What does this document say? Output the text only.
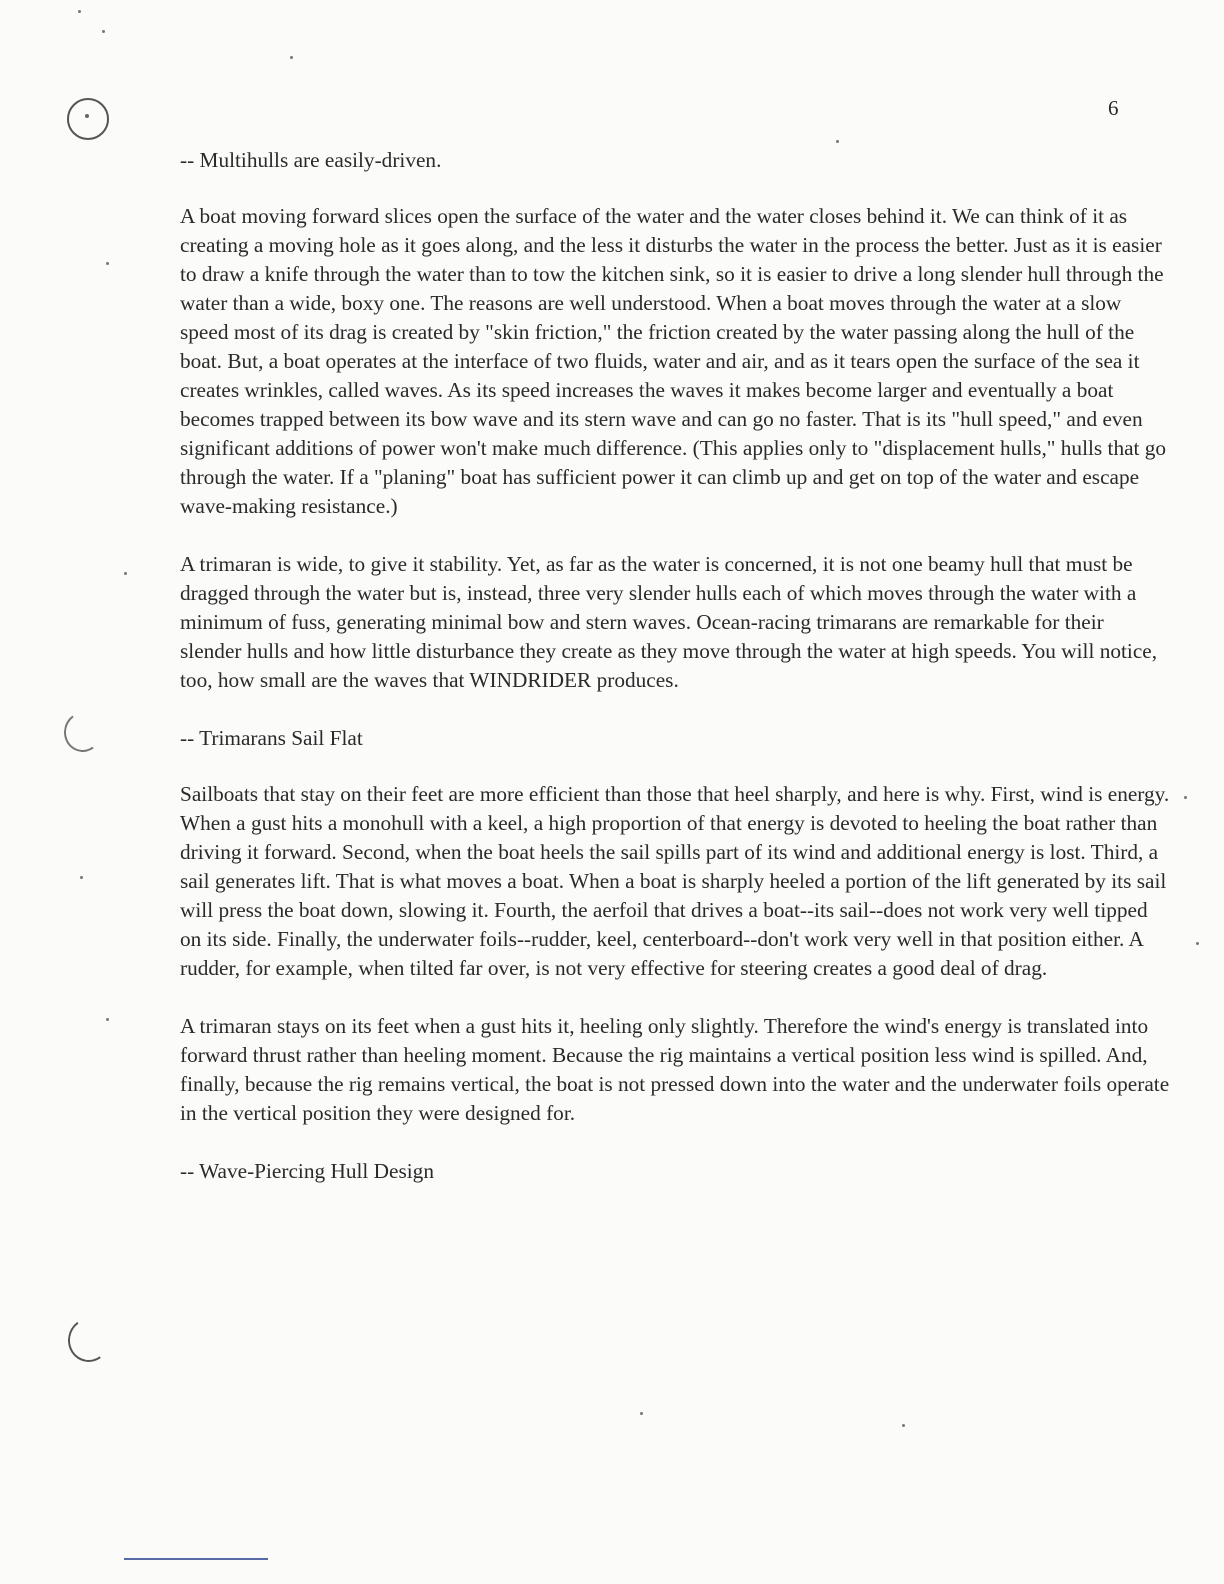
6

-- Multihulls are easily-driven.

A boat moving forward slices open the surface of the water and the water closes behind it. We can think of it as creating a moving hole as it goes along, and the less it disturbs the water in the process the better. Just as it is easier to draw a knife through the water than to tow the kitchen sink, so it is easier to drive a long slender hull through the water than a wide, boxy one. The reasons are well understood. When a boat moves through the water at a slow speed most of its drag is created by "skin friction," the friction created by the water passing along the hull of the boat. But, a boat operates at the interface of two fluids, water and air, and as it tears open the surface of the sea it creates wrinkles, called waves. As its speed increases the waves it makes become larger and eventually a boat becomes trapped between its bow wave and its stern wave and can go no faster. That is its "hull speed," and even significant additions of power won't make much difference. (This applies only to "displacement hulls," hulls that go through the water. If a "planing" boat has sufficient power it can climb up and get on top of the water and escape wave-making resistance.)

A trimaran is wide, to give it stability. Yet, as far as the water is concerned, it is not one beamy hull that must be dragged through the water but is, instead, three very slender hulls each of which moves through the water with a minimum of fuss, generating minimal bow and stern waves. Ocean-racing trimarans are remarkable for their slender hulls and how little disturbance they create as they move through the water at high speeds. You will notice, too, how small are the waves that WINDRIDER produces.

-- Trimarans Sail Flat

Sailboats that stay on their feet are more efficient than those that heel sharply, and here is why. First, wind is energy. When a gust hits a monohull with a keel, a high proportion of that energy is devoted to heeling the boat rather than driving it forward. Second, when the boat heels the sail spills part of its wind and additional energy is lost. Third, a sail generates lift. That is what moves a boat. When a boat is sharply heeled a portion of the lift generated by its sail will press the boat down, slowing it. Fourth, the aerfoil that drives a boat--its sail--does not work very well tipped on its side. Finally, the underwater foils--rudder, keel, centerboard--don't work very well in that position either. A rudder, for example, when tilted far over, is not very effective for steering creates a good deal of drag.

A trimaran stays on its feet when a gust hits it, heeling only slightly. Therefore the wind's energy is translated into forward thrust rather than heeling moment. Because the rig maintains a vertical position less wind is spilled. And, finally, because the rig remains vertical, the boat is not pressed down into the water and the underwater foils operate in the vertical position they were designed for.

-- Wave-Piercing Hull Design
